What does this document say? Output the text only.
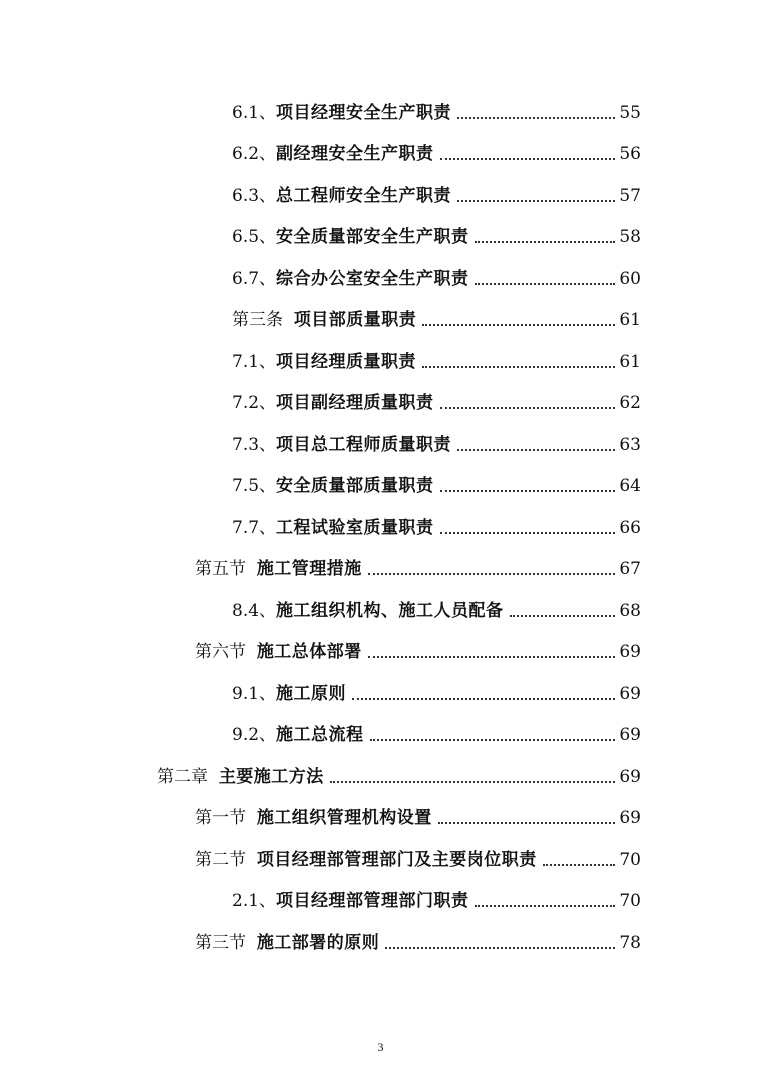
6.1、 项目经理安全生产职责	55
6.2、 副经理安全生产职责	56
6.3、 总工程师安全生产职责	57
6.5、 安全质量部安全生产职责	58
6.7、 综合办公室安全生产职责	60
第三条 项目部质量职责	61
7.1、 项目经理质量职责	61
7.2、 项目副经理质量职责	62
7.3、 项目总工程师质量职责	63
7.5、 安全质量部质量职责	64
7.7、 工程试验室质量职责	66
第五节 施工管理措施	67
8.4、 施工组织机构、施工人员配备	68
第六节 施工总体部署	69
9.1、 施工原则	69
9.2、 施工总流程	69
第二章 主要施工方法	69
第一节 施工组织管理机构设置	69
第二节 项目经理部管理部门及主要岗位职责	70
2.1、 项目经理部管理部门职责	70
第三节 施工部署的原则	78
3
